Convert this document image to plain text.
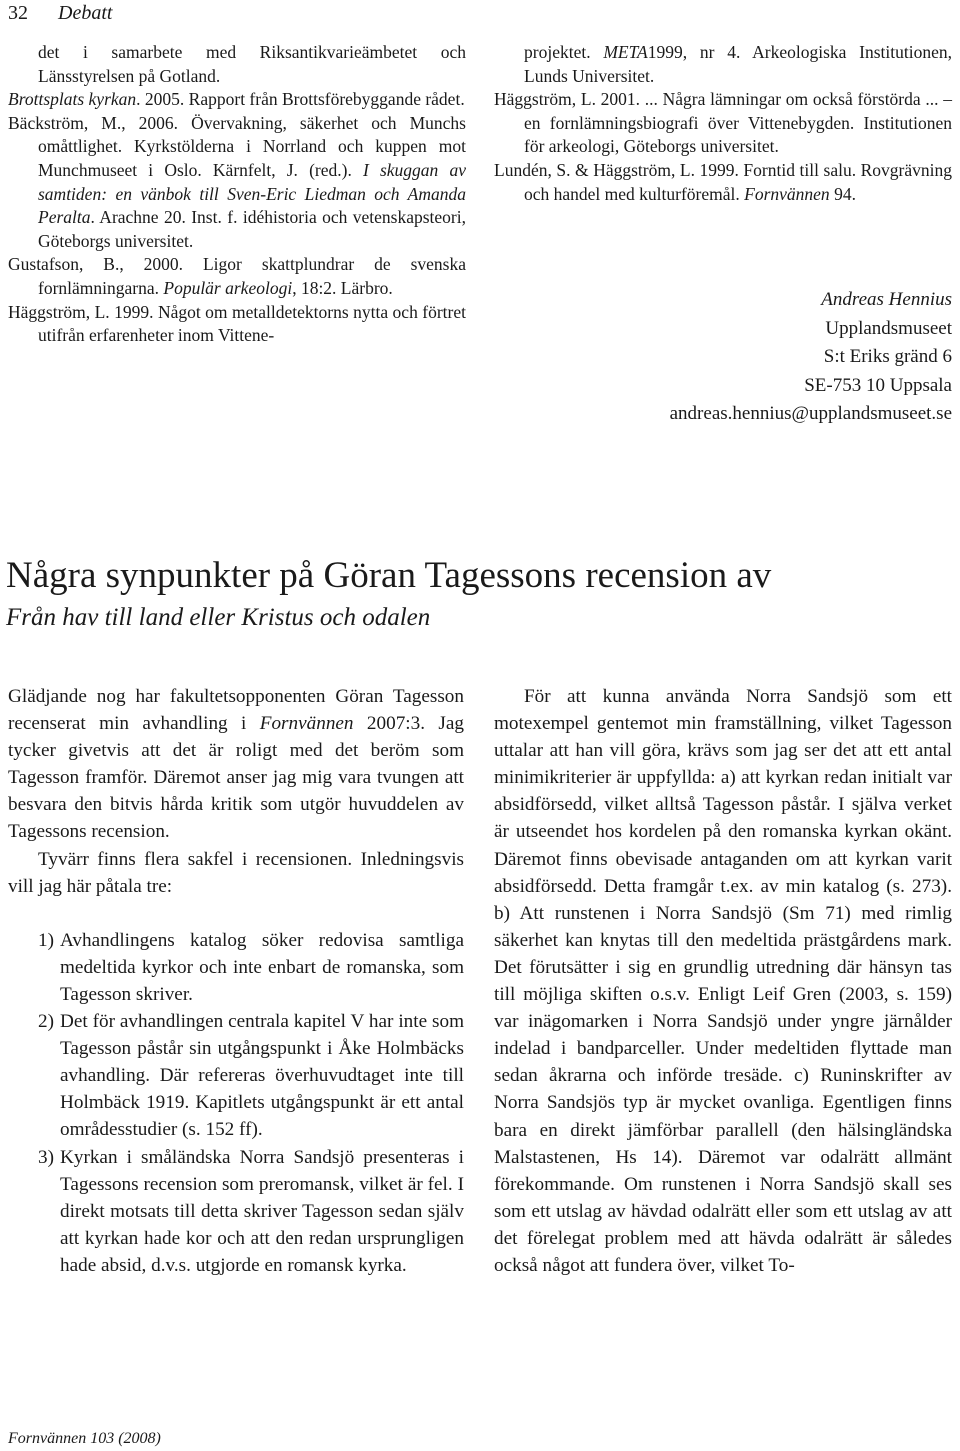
32 Debatt
det i samarbete med Riksantikvarieämbetet och Länsstyrelsen på Gotland.
Brottsplats kyrkan. 2005. Rapport från Brottsförebyggande rådet.
Bäckström, M., 2006. Övervakning, säkerhet och Munchs omåttlighet. Kyrkstölderna i Norrland och kuppen mot Munchmuseet i Oslo. Kärnfelt, J. (red.). I skuggan av samtiden: en vänbok till Sven-Eric Liedman och Amanda Peralta. Arachne 20. Inst. f. idéhistoria och vetenskapsteori, Göteborgs universitet.
Gustafson, B., 2000. Ligor skattplundrar de svenska fornlämningarna. Populär arkeologi, 18:2. Lärbro.
Häggström, L. 1999. Något om metalldetektorns nytta och förtret utifrån erfarenheter inom Vittene-
projektet. META1999, nr 4. Arkeologiska Institutionen, Lunds Universitet.
Häggström, L. 2001. ... Några lämningar om också förstörda ... – en fornlämningsbiografi över Vittenebygden. Institutionen för arkeologi, Göteborgs universitet.
Lundén, S. & Häggström, L. 1999. Forntid till salu. Rovgrävning och handel med kulturföremål. Fornvännen 94.
Andreas Hennius
Upplandsmuseet
S:t Eriks gränd 6
SE-753 10 Uppsala
andreas.hennius@upplandsmuseet.se
Några synpunkter på Göran Tagessons recension av
Från hav till land eller Kristus och odalen

Glädjande nog har fakultetsopponenten Göran Tagesson recenserat min avhandling i Fornvännen 2007:3. Jag tycker givetvis att det är roligt med det beröm som Tagesson framför. Däremot anser jag mig vara tvungen att besvara den bitvis hårda kritik som utgör huvuddelen av Tagessons recension.

Tyvärr finns flera sakfel i recensionen. Inledningsvis vill jag här påtala tre:

1) Avhandlingens katalog söker redovisa samtliga medeltida kyrkor och inte enbart de romanska, som Tagesson skriver.
2) Det för avhandlingen centrala kapitel V har inte som Tagesson påstår sin utgångspunkt i Åke Holmbäcks avhandling. Där refereras överhuvudtaget inte till Holmbäck 1919. Kapitlets utgångspunkt är ett antal områdesstudier (s. 152 ff).
3) Kyrkan i småländska Norra Sandsjö presenteras i Tagessons recension som preromansk, vilket är fel. I direkt motsats till detta skriver Tagesson sedan själv att kyrkan hade kor och att den redan ursprungligen hade absid, d.v.s. utgjorde en romansk kyrka.

För att kunna använda Norra Sandsjö som ett motexempel gentemot min framställning, vilket Tagesson uttalar att han vill göra, krävs som jag ser det att ett antal minimikriterier är uppfyllda: a) att kyrkan redan initialt var absidförsedd, vilket alltså Tagesson påstår. I själva verket är utseendet hos kordelen på den romanska kyrkan okänt. Däremot finns obevisade antaganden om att kyrkan varit absidförsedd. Detta framgår t.ex. av min katalog (s. 273). b) Att runstenen i Norra Sandsjö (Sm 71) med rimlig säkerhet kan knytas till den medeltida prästgårdens mark. Det förutsätter i sig en grundlig utredning där hänsyn tas till möjliga skiften o.s.v. Enligt Leif Gren (2003, s. 159) var inägomarken i Norra Sandsjö under yngre järnålder indelad i bandparceller. Under medeltiden flyttade man sedan åkrarna och införde tresäde. c) Runinskrifter av Norra Sandsjös typ är mycket ovanliga. Egentligen finns bara en direkt jämförbar parallell (den hälsingländska Malstastenen, Hs 14). Däremot var odalrätt allmänt förekommande. Om runstenen i Norra Sandsjö skall ses som ett utslag av hävdad odalrätt eller som ett utslag av att det förelegat problem med att hävda odalrätt är således också något att fundera över, vilket To-

Fornvännen 103 (2008)
